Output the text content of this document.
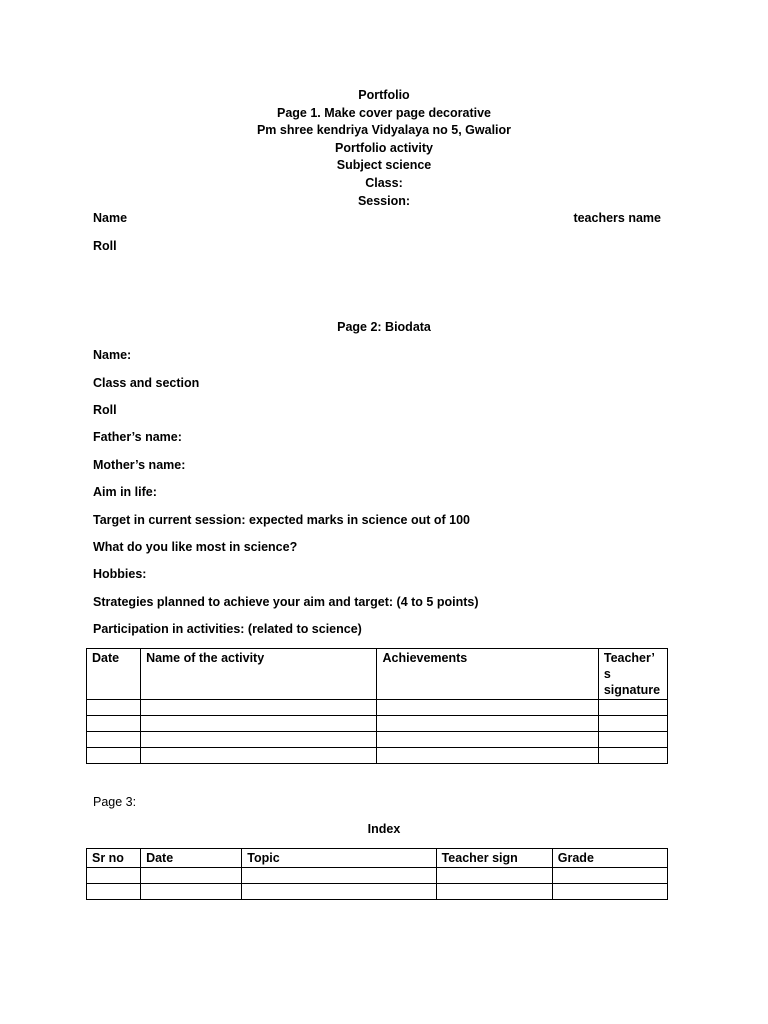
Portfolio
Page 1. Make cover page decorative
Pm shree kendriya Vidyalaya no 5, Gwalior
Portfolio activity
Subject science
Class:
Session:
Name	teachers name
Roll
Page 2: Biodata
Name:
Class and section
Roll
Father’s name:
Mother’s name:
Aim in life:
Target in current session: expected marks in science out of 100
What do you like most in science?
Hobbies:
Strategies planned to achieve your aim and target: (4 to 5 points)
Participation in activities: (related to science)
Date	Name of the activity	Achievements	Teacher’
s
signature

Page 3:
Index
Sr no	Date	Topic	Teacher sign	Grade
